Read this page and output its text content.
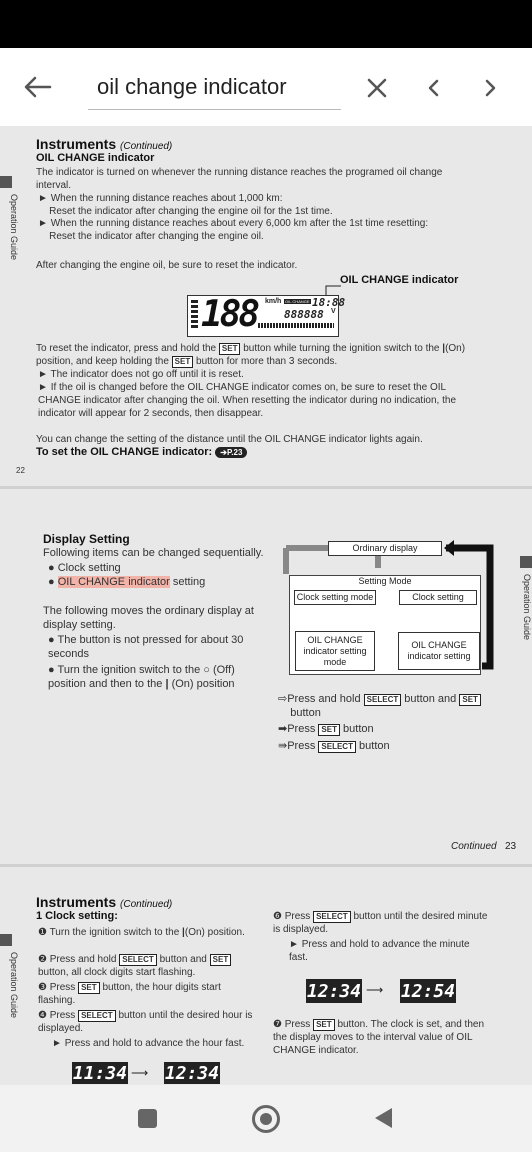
oil change indicator
Operation Guide
Instruments (Continued)
OIL CHANGE indicator
The indicator is turned on whenever the running distance reaches the programed oil change interval.
► When the running distance reaches about 1,000 km:
Reset the indicator after changing the engine oil for the 1st time.
► When the running distance reaches about every 6,000 km after the 1st time resetting:
Reset the indicator after changing the engine oil.
After changing the engine oil, be sure to reset the indicator.
OIL CHANGE indicator
188 km/h OIL CHANGE 18:88
888888 V
To reset the indicator, press and hold the SET button while turning the ignition switch to the |(On)
position, and keep holding the SET button for more than 3 seconds.
► The indicator does not go off until it is reset.
► If the oil is changed before the OIL CHANGE indicator comes on, be sure to reset the OIL CHANGE indicator after changing the oil. When resetting the indicator during no indication, the indicator will appear for 2 seconds, then disappear.
You can change the setting of the distance until the OIL CHANGE indicator lights again.
To set the OIL CHANGE indicator: ➔P.23
22
Operation Guide
Display Setting
Following items can be changed sequentially.
● Clock setting
● OIL CHANGE indicator setting
The following moves the ordinary display at display setting.
● The button is not pressed for about 30 seconds
● Turn the ignition switch to the ○ (Off) position and then to the | (On) position
Ordinary display
Setting Mode
Clock setting mode	Clock setting
OIL CHANGE indicator setting mode
OIL CHANGE indicator setting
⇨Press and hold SELECT button and SET
button
➡Press SET button
⇛Press SELECT button
Continued 23
Operation Guide
Instruments (Continued)
1 Clock setting:
❶ Turn the ignition switch to the |(On) position.
❷ Press and hold SELECT button and SET button, all clock digits start flashing.
❸ Press SET button, the hour digits start flashing.
❹ Press SELECT button until the desired hour is displayed.
► Press and hold to advance the hour fast.
11:34 ⟶ 12:34
❻ Press SELECT button until the desired minute is displayed.
► Press and hold to advance the minute fast.
12:34 ⟶ 12:54
❼ Press SET button. The clock is set, and then the display moves to the interval value of OIL CHANGE indicator.
